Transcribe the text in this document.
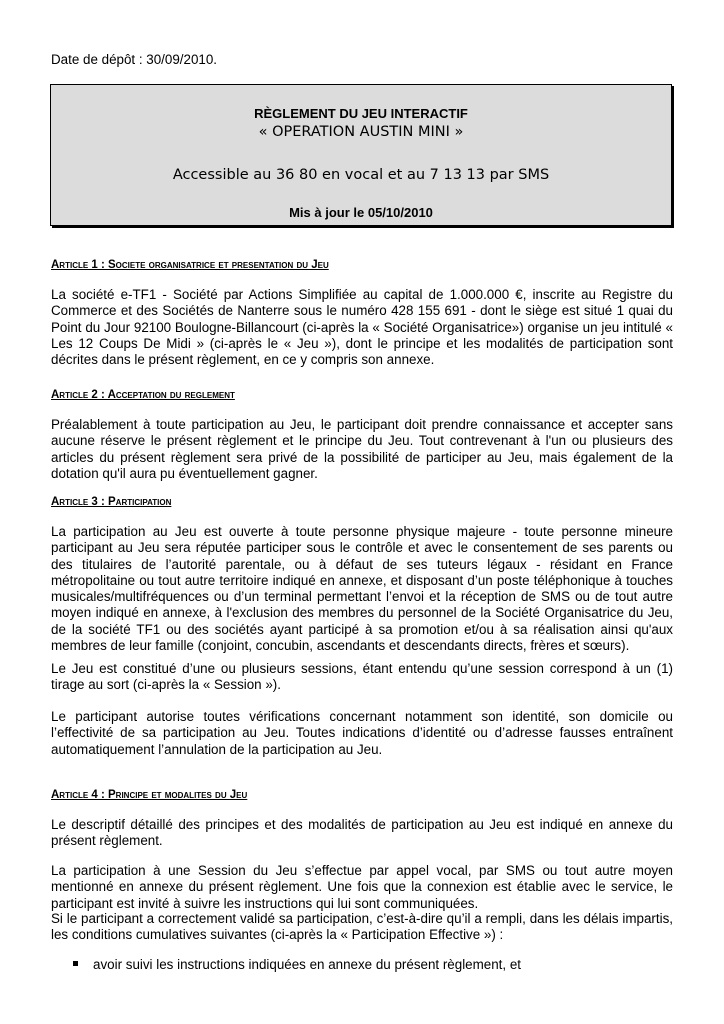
Date de dépôt : 30/09/2010.
RÈGLEMENT DU JEU INTERACTIF
« OPERATION AUSTIN MINI »
Accessible au 36 80 en vocal et au 7 13 13 par SMS
Mis à jour le 05/10/2010
Article 1 : Societe organisatrice et presentation du Jeu
La société e-TF1 - Société par Actions Simplifiée au capital de 1.000.000 €, inscrite au Registre du Commerce et des Sociétés de Nanterre sous le numéro 428 155 691 - dont le siège est situé 1 quai du Point du Jour 92100 Boulogne-Billancourt (ci-après la « Société Organisatrice») organise un jeu intitulé « Les 12 Coups De Midi » (ci-après le « Jeu »), dont le principe et les modalités de participation sont décrites dans le présent règlement, en ce y compris son annexe.
Article 2 : Acceptation du reglement
Préalablement à toute participation au Jeu, le participant doit prendre connaissance et accepter sans aucune réserve le présent règlement et le principe du Jeu. Tout contrevenant à l'un ou plusieurs des articles du présent règlement sera privé de la possibilité de participer au Jeu, mais également de la dotation qu'il aura pu éventuellement gagner.
Article 3 : Participation
La participation au Jeu est ouverte à toute personne physique majeure - toute personne mineure participant au Jeu sera réputée participer sous le contrôle et avec le consentement de ses parents ou des titulaires de l’autorité parentale, ou à défaut de ses tuteurs légaux - résidant en France métropolitaine ou tout autre territoire indiqué en annexe, et disposant d’un poste téléphonique à touches musicales/multifréquences ou d’un terminal permettant l’envoi et la réception de SMS ou de tout autre moyen indiqué en annexe, à l'exclusion des membres du personnel de la Société Organisatrice du Jeu, de la société TF1 ou des sociétés ayant participé à sa promotion et/ou à sa réalisation ainsi qu'aux membres de leur famille (conjoint, concubin, ascendants et descendants directs, frères et sœurs).
Le Jeu est constitué d’une ou plusieurs sessions, étant entendu qu’une session correspond à un (1) tirage au sort (ci-après la « Session »).
Le participant autorise toutes vérifications concernant notamment son identité, son domicile ou l’effectivité de sa participation au Jeu. Toutes indications d’identité ou d’adresse fausses entraînent automatiquement l’annulation de la participation au Jeu.
Article 4 : Principe et modalites du Jeu
Le descriptif détaillé des principes et des modalités de participation au Jeu est indiqué en annexe du présent règlement.
La participation à une Session du Jeu s’effectue par appel vocal, par SMS ou tout autre moyen mentionné en annexe du présent règlement. Une fois que la connexion est établie avec le service, le participant est invité à suivre les instructions qui lui sont communiquées.
Si le participant a correctement validé sa participation, c’est-à-dire qu’il a rempli, dans les délais impartis, les conditions cumulatives suivantes (ci-après la « Participation Effective ») :
avoir suivi les instructions indiquées en annexe du présent règlement, et
